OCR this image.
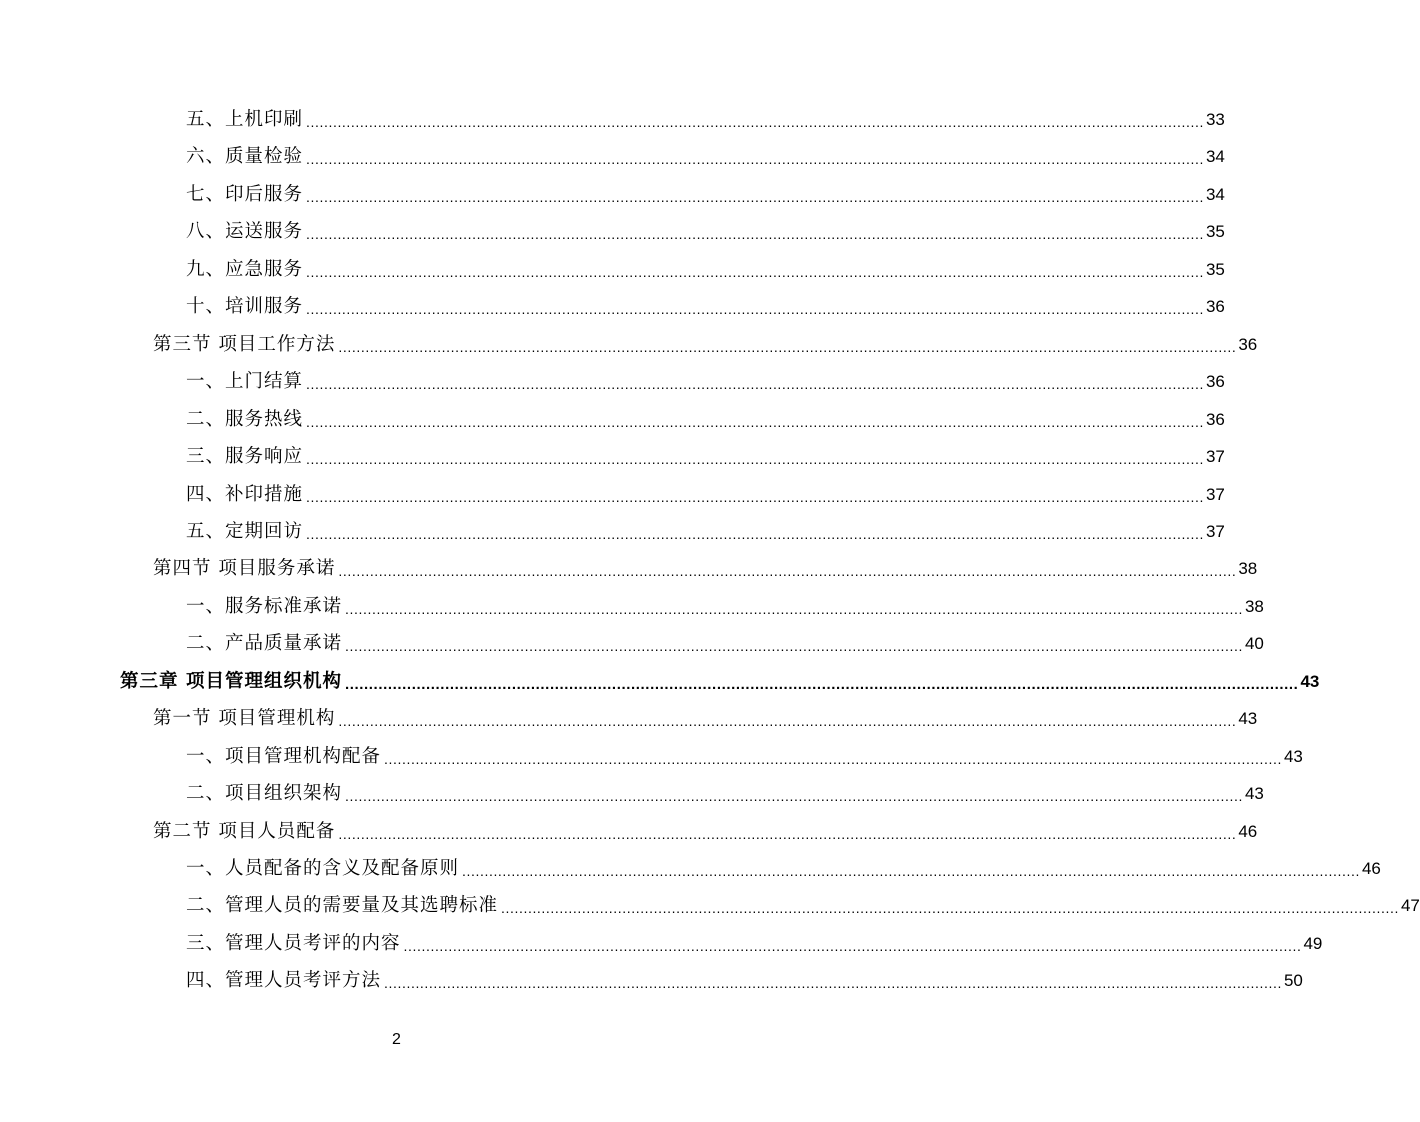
五、上机印刷 ........................................................................................................................................................................................................ 33
六、质量检验 ........................................................................................................................................................................................................ 34
七、印后服务 ........................................................................................................................................................................................................ 34
八、运送服务 ........................................................................................................................................................................................................ 35
九、应急服务 ........................................................................................................................................................................................................ 35
十、培训服务 ........................................................................................................................................................................................................ 36
第三节 项目工作方法 ........................................................................................................................................................................................................ 36
一、上门结算 ........................................................................................................................................................................................................ 36
二、服务热线 ........................................................................................................................................................................................................ 36
三、服务响应 ........................................................................................................................................................................................................ 37
四、补印措施 ........................................................................................................................................................................................................ 37
五、定期回访 ........................................................................................................................................................................................................ 37
第四节 项目服务承诺 ........................................................................................................................................................................................................ 38
一、服务标准承诺 ........................................................................................................................................................................................................ 38
二、产品质量承诺 ........................................................................................................................................................................................................ 40
第三章 项目管理组织机构 ........................................................................................................................................................................................................ 43
第一节 项目管理机构 ........................................................................................................................................................................................................ 43
一、项目管理机构配备 ........................................................................................................................................................................................................ 43
二、项目组织架构 ........................................................................................................................................................................................................ 43
第二节 项目人员配备 ........................................................................................................................................................................................................ 46
一、人员配备的含义及配备原则 ........................................................................................................................................................................................................ 46
二、管理人员的需要量及其选聘标准 ........................................................................................................................................................................................................ 47
三、管理人员考评的内容 ........................................................................................................................................................................................................ 49
四、管理人员考评方法 ........................................................................................................................................................................................................ 50
2
